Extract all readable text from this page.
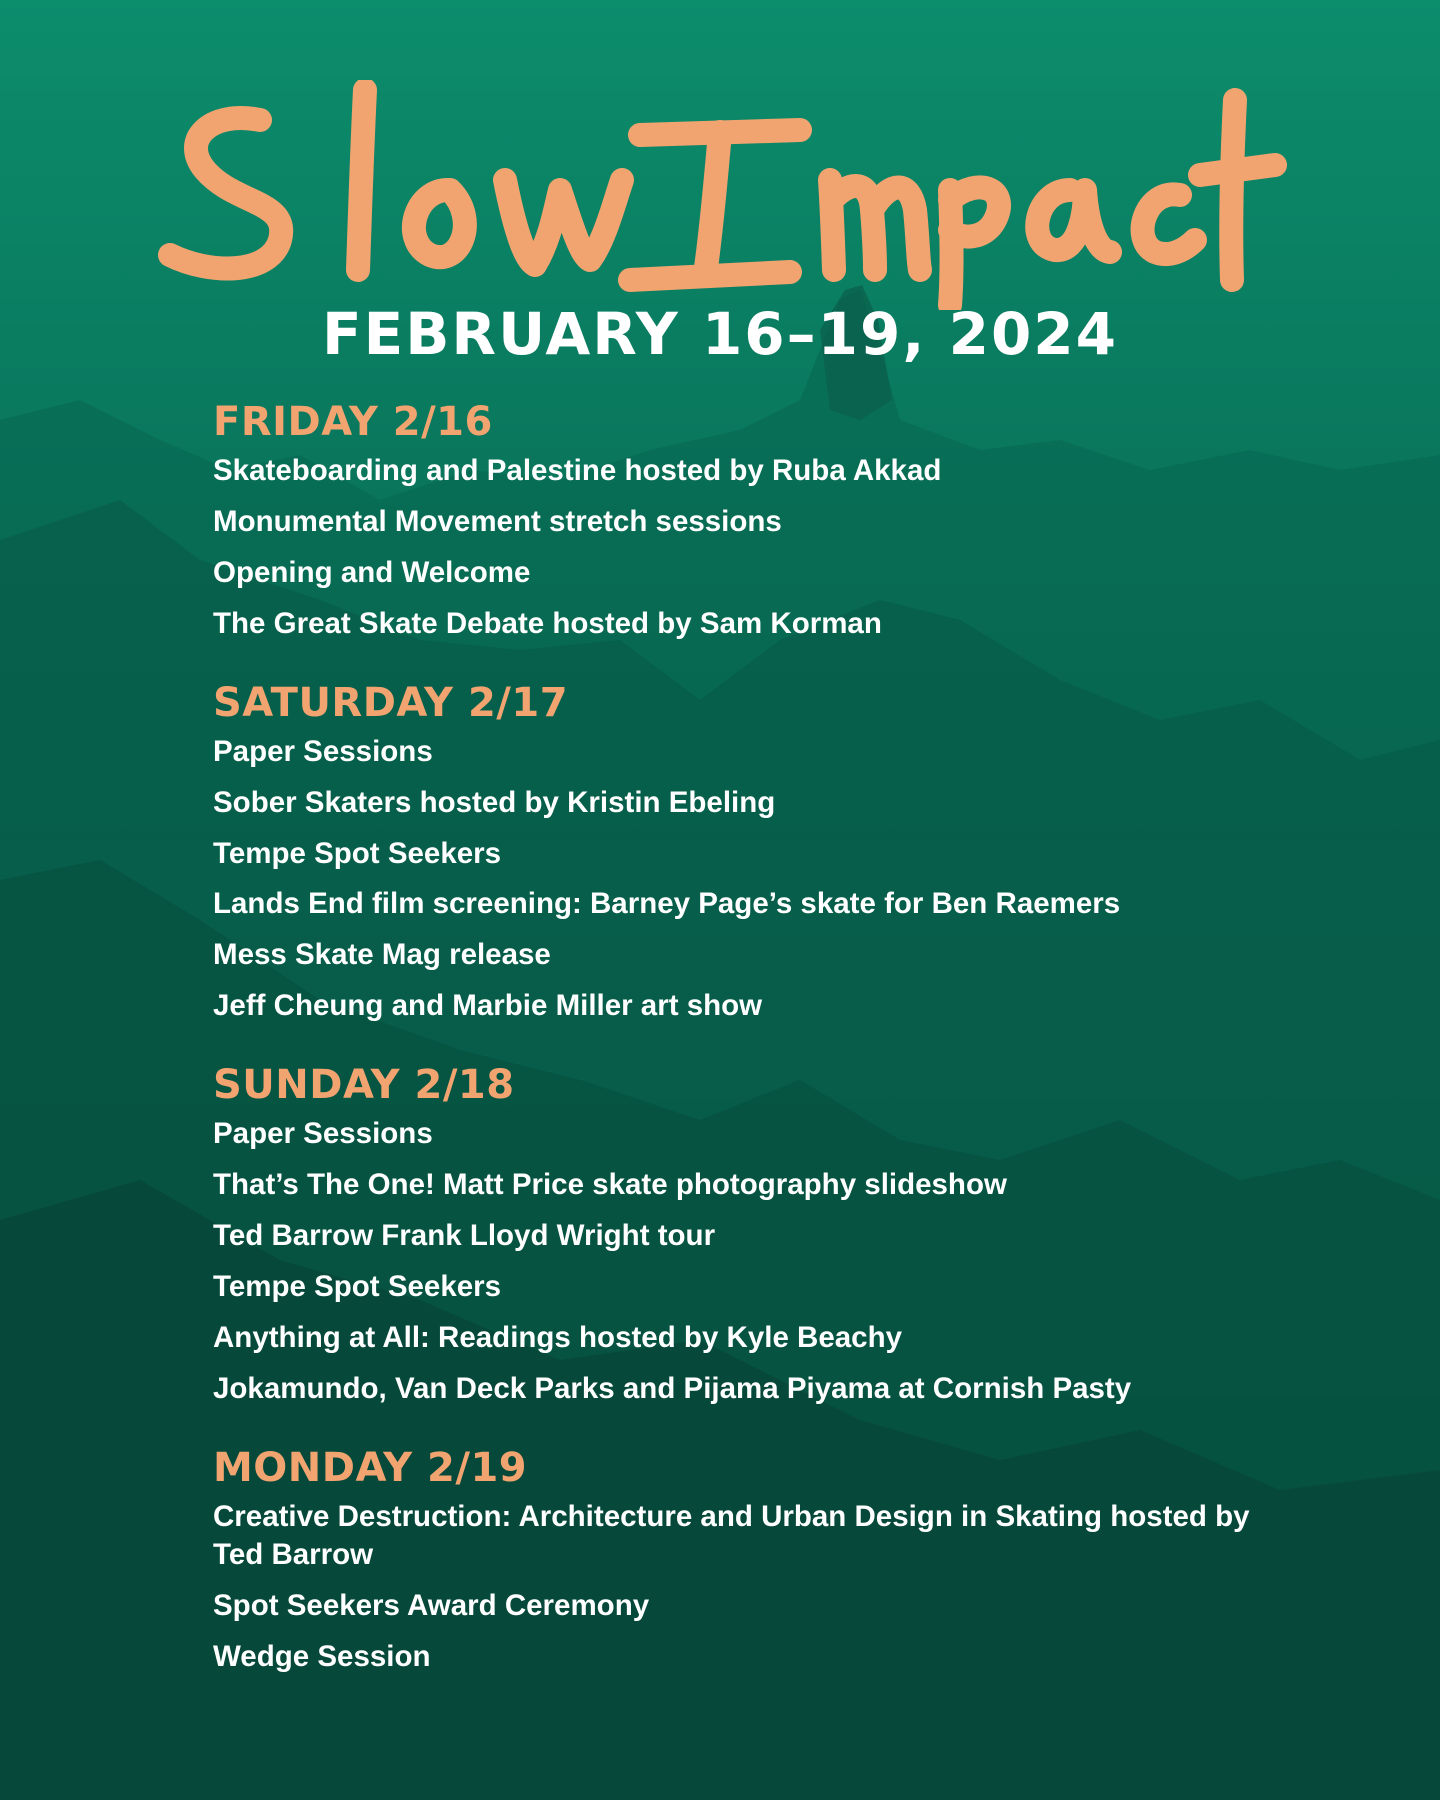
FEBRUARY 16–19, 2024
FRIDAY 2/16

Skateboarding and Palestine hosted by Ruba Akkad

Monumental Movement stretch sessions

Opening and Welcome

The Great Skate Debate hosted by Sam Korman

SATURDAY 2/17

Paper Sessions

Sober Skaters hosted by Kristin Ebeling

Tempe Spot Seekers

Lands End film screening: Barney Page’s skate for Ben Raemers

Mess Skate Mag release

Jeff Cheung and Marbie Miller art show

SUNDAY 2/18

Paper Sessions

That’s The One! Matt Price skate photography slideshow

Ted Barrow Frank Lloyd Wright tour

Tempe Spot Seekers

Anything at All: Readings hosted by Kyle Beachy

Jokamundo, Van Deck Parks and Pijama Piyama at Cornish Pasty

MONDAY 2/19

Creative Destruction: Architecture and Urban Design in Skating hosted by Ted Barrow

Spot Seekers Award Ceremony

Wedge Session
